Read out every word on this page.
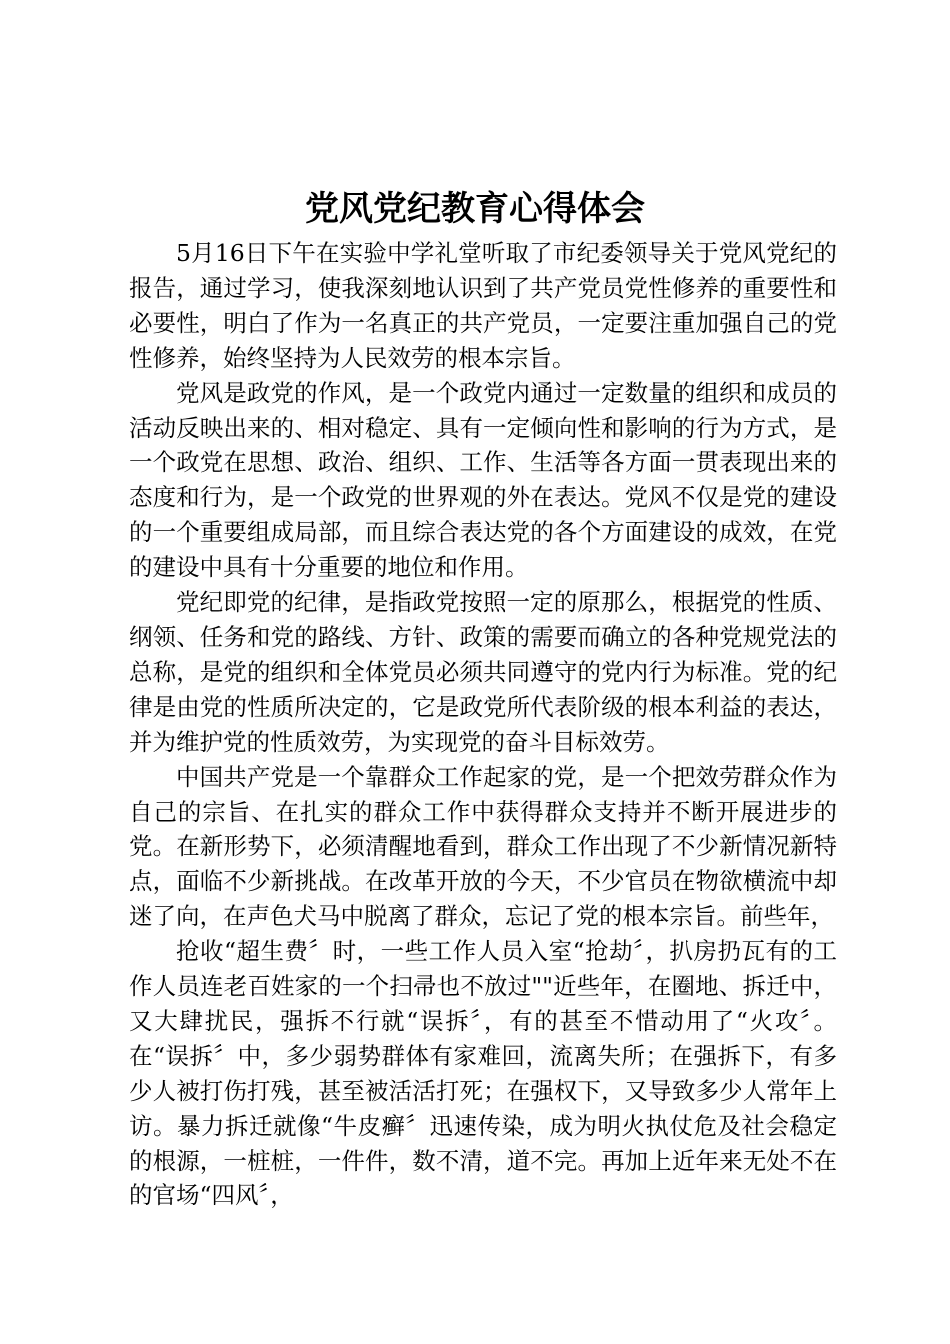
党风党纪教育心得体会

5月16日下午在实验中学礼堂听取了市纪委领导关于党风党纪的报告，通过学习，使我深刻地认识到了共产党员党性修养的重要性和必要性，明白了作为一名真正的共产党员，一定要注重加强自己的党性修养，始终坚持为人民效劳的根本宗旨。

党风是政党的作风，是一个政党内通过一定数量的组织和成员的活动反映出来的、相对稳定、具有一定倾向性和影响的行为方式，是一个政党在思想、政治、组织、工作、生活等各方面一贯表现出来的态度和行为，是一个政党的世界观的外在表达。党风不仅是党的建设的一个重要组成局部，而且综合表达党的各个方面建设的成效，在党的建设中具有十分重要的地位和作用。

党纪即党的纪律，是指政党按照一定的原那么，根据党的性质、纲领、任务和党的路线、方针、政策的需要而确立的各种党规党法的总称，是党的组织和全体党员必须共同遵守的党内行为标准。党的纪律是由党的性质所决定的，它是政党所代表阶级的根本利益的表达，并为维护党的性质效劳，为实现党的奋斗目标效劳。

中国共产党是一个靠群众工作起家的党，是一个把效劳群众作为自己的宗旨、在扎实的群众工作中获得群众支持并不断开展进步的党。在新形势下，必须清醒地看到，群众工作出现了不少新情况新特点，面临不少新挑战。在改革开放的今天，不少官员在物欲横流中却迷了向，在声色犬马中脱离了群众，忘记了党的根本宗旨。前些年，

抢收“超生费〞时，一些工作人员入室“抢劫〞，扒房扔瓦有的工作人员连老百姓家的一个扫帚也不放过""近些年，在圈地、拆迁中，又大肆扰民，强拆不行就“误拆〞，有的甚至不惜动用了“火攻〞。在“误拆〞中，多少弱势群体有家难回，流离失所；在强拆下，有多少人被打伤打残，甚至被活活打死；在强权下，又导致多少人常年上访。暴力拆迁就像“牛皮癣〞迅速传染，成为明火执仗危及社会稳定的根源，一桩桩，一件件，数不清，道不完。再加上近年来无处不在的官场“四风〞，
